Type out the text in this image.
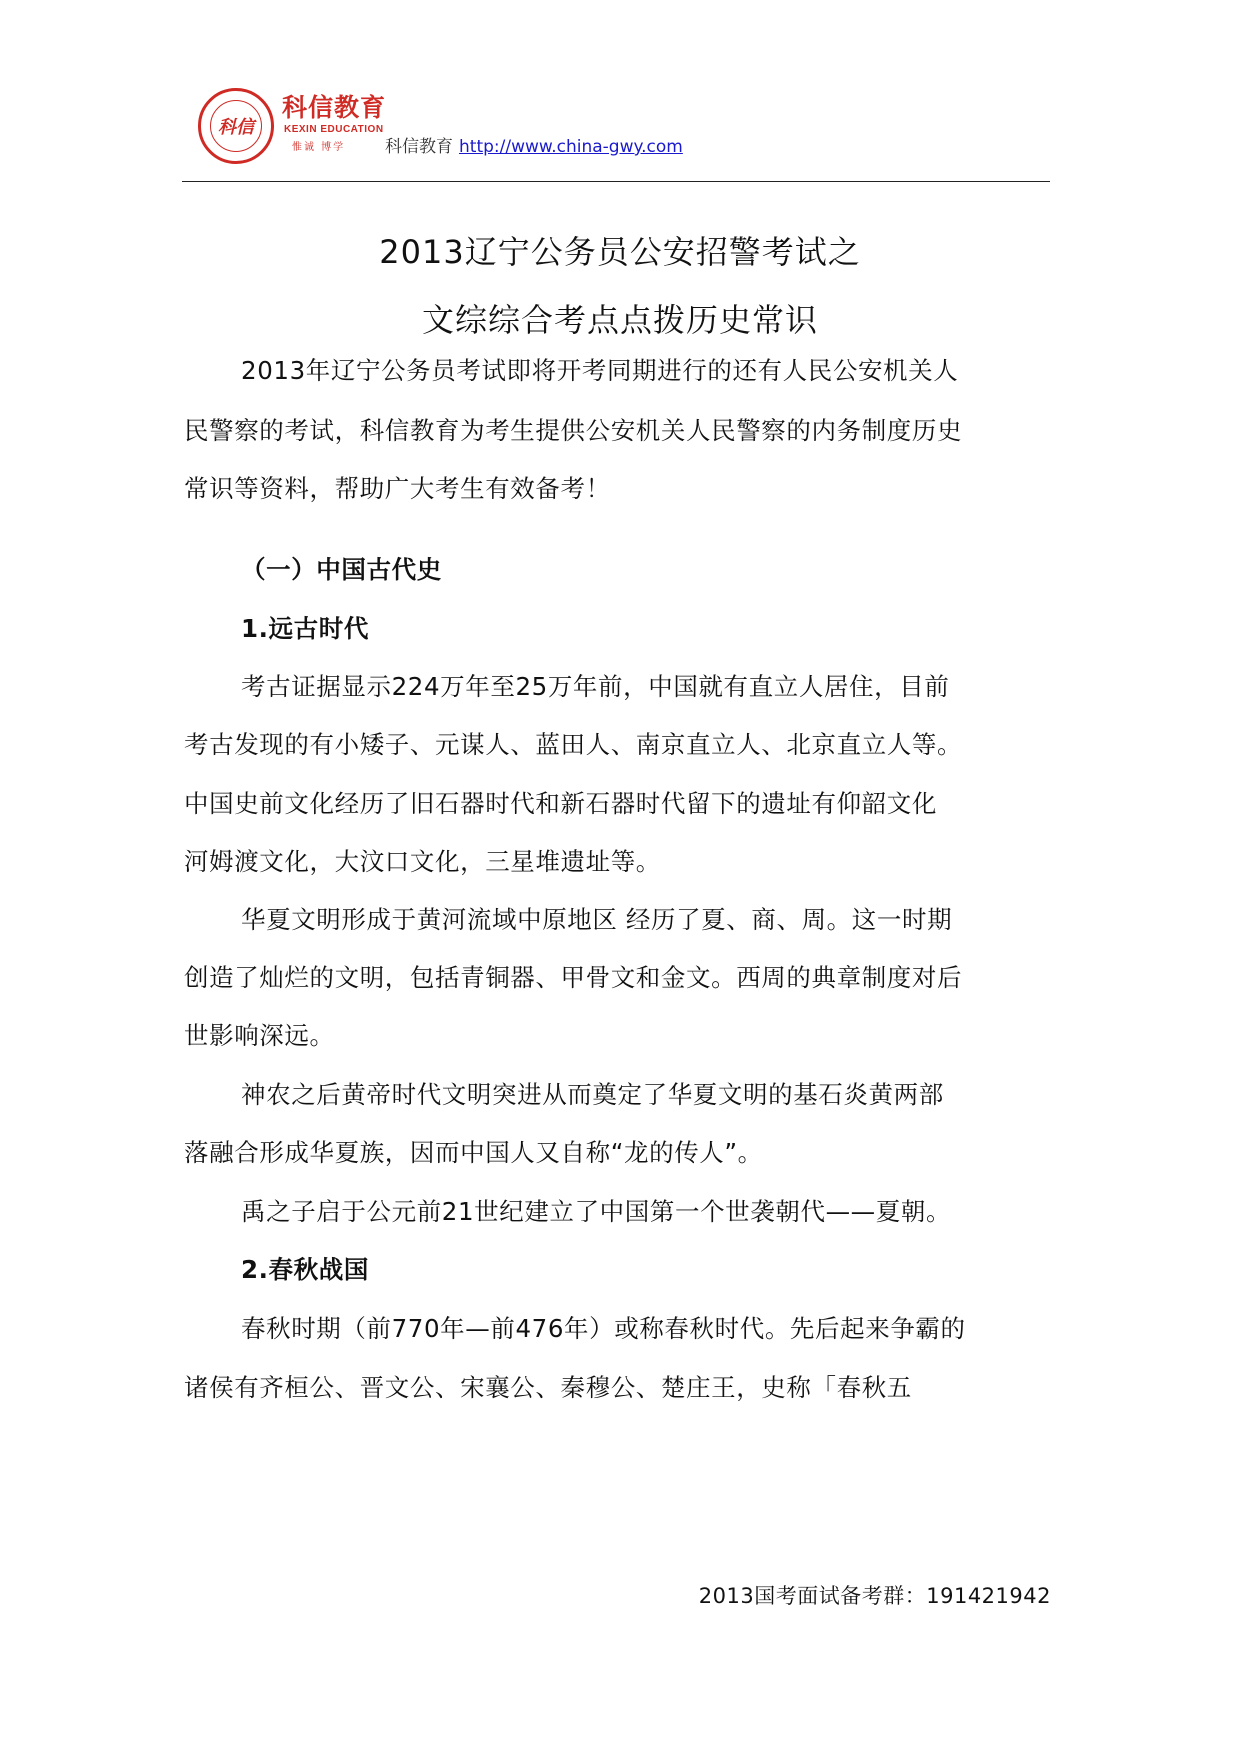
科信
科信教育
KEXIN EDUCATION
惟诚 博学 科信教育 http://www.china-gwy.com
2013辽宁公务员公安招警考试之
文综综合考点点拨历史常识
2013年辽宁公务员考试即将开考同期进行的还有人民公安机关人
民警察的考试，科信教育为考生提供公安机关人民警察的内务制度历史
常识等资料，帮助广大考生有效备考！
（一）中国古代史
1.远古时代
考古证据显示224万年至25万年前，中国就有直立人居住，目前
考古发现的有小矮子、元谋人、蓝田人、南京直立人、北京直立人等。
中国史前文化经历了旧石器时代和新石器时代留下的遗址有仰韶文化
河姆渡文化，大汶口文化，三星堆遗址等。
华夏文明形成于黄河流域中原地区 经历了夏、商、周。这一时期
创造了灿烂的文明，包括青铜器、甲骨文和金文。西周的典章制度对后
世影响深远。
神农之后黄帝时代文明突进从而奠定了华夏文明的基石炎黄两部
落融合形成华夏族，因而中国人又自称“龙的传人”。
禹之子启于公元前21世纪建立了中国第一个世袭朝代——夏朝。
2.春秋战国
春秋时期（前770年—前476年）或称春秋时代。先后起来争霸的
诸侯有齐桓公、晋文公、宋襄公、秦穆公、楚庄王，史称「春秋五
2013国考面试备考群：191421942
